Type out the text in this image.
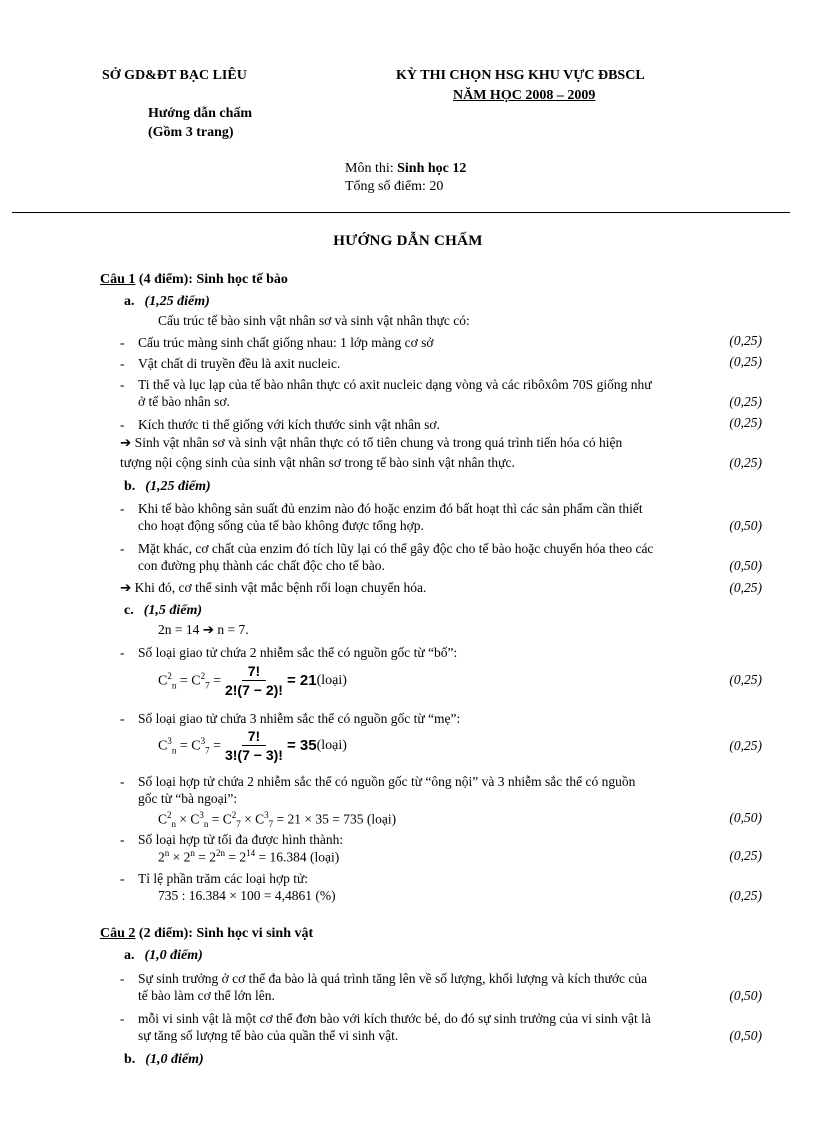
SỞ GD&ĐT BẠC LIÊU
Hướng dẫn chấm
(Gồm 3 trang)
KỲ THI CHỌN HSG KHU VỰC ĐBSCL
NĂM HỌC 2008 – 2009
Môn thi: Sinh học 12
Tổng số điểm: 20
HƯỚNG DẪN CHẤM
Câu 1 (4 điểm): Sinh học tế bào
a. (1,25 điểm)
Cấu trúc tế bào sinh vật nhân sơ và sinh vật nhân thực có:
- Cấu trúc màng sinh chất giống nhau: 1 lớp màng cơ sở	(0,25)
- Vật chất di truyền đều là axit nucleic.	(0,25)
- Ti thể và lục lạp của tế bào nhân thực có axit nucleic dạng vòng và các ribôxôm 70S giống như
ở tế bào nhân sơ.	(0,25)
- Kích thước ti thể giống với kích thước sinh vật nhân sơ.	(0,25)
➔ Sinh vật nhân sơ và sinh vật nhân thực có tổ tiên chung và trong quá trình tiến hóa có hiện
tượng nội cộng sinh của sinh vật nhân sơ trong tế bào sinh vật nhân thực.	(0,25)
b. (1,25 điểm)
- Khi tế bào không sản suất đủ enzim nào đó hoặc enzim đó bất hoạt thì các sản phẩm cần thiết
cho hoạt động sống của tế bào không được tổng hợp.	(0,50)
- Mặt khác, cơ chất của enzim đó tích lũy lại có thể gây độc cho tế bào hoặc chuyển hóa theo các
con đường phụ thành các chất độc cho tế bào.	(0,50)
➔ Khi đó, cơ thể sinh vật mắc bệnh rối loạn chuyển hóa.	(0,25)
c. (1,5 điểm)
2n = 14 ➔ n = 7.
- Số loại giao tử chứa 2 nhiễm sắc thể có nguồn gốc từ “bố”:
$C^2_n = C^2_7 = \frac{7!}{2!(7 - 2)!} = 21$ (loại)	(0,25)
- Số loại giao tử chứa 3 nhiễm sắc thể có nguồn gốc từ “mẹ”:
$C^3_n = C^3_7 = \frac{7!}{3!(7 - 3)!} = 35$ (loại)	(0,25)
- Số loại hợp tử chứa 2 nhiễm sắc thể có nguồn gốc từ “ông nội” và 3 nhiễm sắc thể có nguồn
gốc từ “bà ngoại”:
$C^2_n \times C^3_n = C^2_7 \times C^3_7 = 21 \times 35 = 735$ (loại)	(0,50)
- Số loại hợp tử tối đa được hình thành:
$2^n \times 2^n = 2^{2n} = 2^{14} = 16.384$ (loại)	(0,25)
- Tỉ lệ phần trăm các loại hợp tử:
735 : 16.384 × 100 = 4,4861 (%)	(0,25)
Câu 2 (2 điểm): Sinh học vi sinh vật
a. (1,0 điểm)
- Sự sinh trưởng ở cơ thể đa bào là quá trình tăng lên về số lượng, khối lượng và kích thước của
tế bào làm cơ thể lớn lên.	(0,50)
- mỗi vi sinh vật là một cơ thể đơn bào với kích thước bé, do đó sự sinh trưởng của vi sinh vật là
sự tăng số lượng tế bào của quần thể vi sinh vật.	(0,50)
b. (1,0 điểm)
